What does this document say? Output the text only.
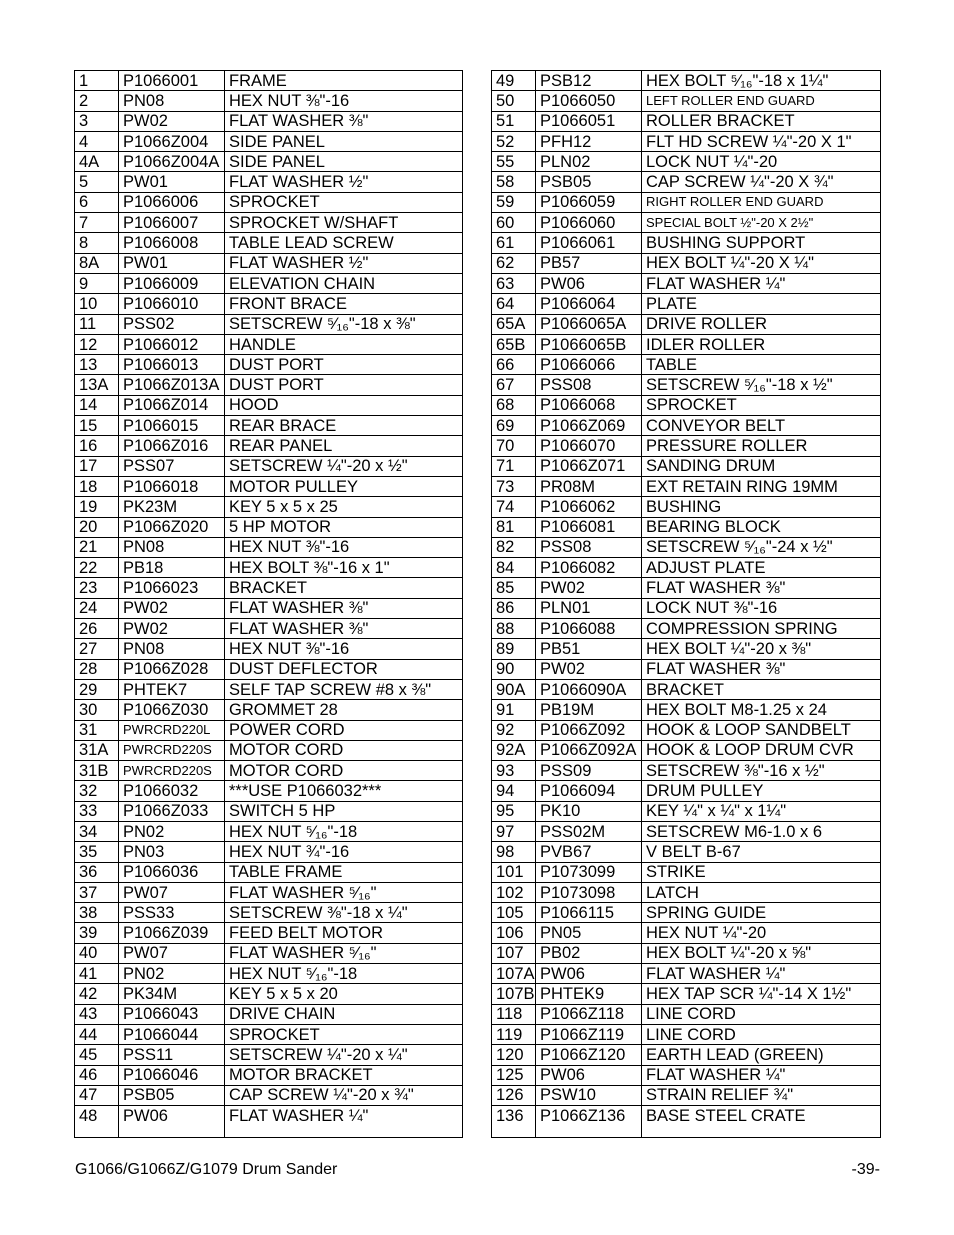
1	P1066001	FRAME
2	PN08	HEX NUT ⅜"-16
3	PW02	FLAT WASHER ⅜"
4	P1066Z004	SIDE PANEL
4A	P1066Z004A	SIDE PANEL
5	PW01	FLAT WASHER ½"
6	P1066006	SPROCKET
7	P1066007	SPROCKET W/SHAFT
8	P1066008	TABLE LEAD SCREW
8A	PW01	FLAT WASHER ½"
9	P1066009	ELEVATION CHAIN
10	P1066010	FRONT BRACE
11	PSS02	SETSCREW ⁵⁄₁₆"-18 x ⅜"
12	P1066012	HANDLE
13	P1066013	DUST PORT
13A	P1066Z013A	DUST PORT
14	P1066Z014	HOOD
15	P1066015	REAR BRACE
16	P1066Z016	REAR PANEL
17	PSS07	SETSCREW ¼"-20 x ½"
18	P1066018	MOTOR PULLEY
19	PK23M	KEY 5 x 5 x 25
20	P1066Z020	5 HP MOTOR
21	PN08	HEX NUT ⅜"-16
22	PB18	HEX BOLT ⅜"-16 x 1"
23	P1066023	BRACKET
24	PW02	FLAT WASHER ⅜"
26	PW02	FLAT WASHER ⅜"
27	PN08	HEX NUT ⅜"-16
28	P1066Z028	DUST DEFLECTOR
29	PHTEK7	SELF TAP SCREW #8 x ⅜"
30	P1066Z030	GROMMET 28
31	PWRCRD220L	POWER CORD
31A	PWRCRD220S	MOTOR CORD
31B	PWRCRD220S	MOTOR CORD
32	P1066032	***USE P1066032***
33	P1066Z033	SWITCH 5 HP
34	PN02	HEX NUT ⁵⁄₁₆"-18
35	PN03	HEX NUT ¾"-16
36	P1066036	TABLE FRAME
37	PW07	FLAT WASHER ⁵⁄₁₆"
38	PSS33	SETSCREW ⅜"-18 x ¼"
39	P1066Z039	FEED BELT MOTOR
40	PW07	FLAT WASHER ⁵⁄₁₆"
41	PN02	HEX NUT ⁵⁄₁₆"-18
42	PK34M	KEY 5 x 5 x 20
43	P1066043	DRIVE CHAIN
44	P1066044	SPROCKET
45	PSS11	SETSCREW ¼"-20 x ¼"
46	P1066046	MOTOR BRACKET
47	PSB05	CAP SCREW ¼"-20 x ¾"
48	PW06	FLAT WASHER ¼"
49	PSB12	HEX BOLT ⁵⁄₁₆"-18 x 1¼"
50	P1066050	LEFT ROLLER END GUARD
51	P1066051	ROLLER BRACKET
52	PFH12	FLT HD SCREW ¼"-20 X 1"
55	PLN02	LOCK NUT ¼"-20
58	PSB05	CAP SCREW ¼"-20 X ¾"
59	P1066059	RIGHT ROLLER END GUARD
60	P1066060	SPECIAL BOLT ½"-20 X 2½"
61	P1066061	BUSHING SUPPORT
62	PB57	HEX BOLT ¼"-20 X ¼"
63	PW06	FLAT WASHER ¼"
64	P1066064	PLATE
65A	P1066065A	DRIVE ROLLER
65B	P1066065B	IDLER ROLLER
66	P1066066	TABLE
67	PSS08	SETSCREW ⁵⁄₁₆"-18 x ½"
68	P1066068	SPROCKET
69	P1066Z069	CONVEYOR BELT
70	P1066070	PRESSURE ROLLER
71	P1066Z071	SANDING DRUM
73	PR08M	EXT RETAIN RING 19MM
74	P1066062	BUSHING
81	P1066081	BEARING BLOCK
82	PSS08	SETSCREW ⁵⁄₁₆"-24 x ½"
84	P1066082	ADJUST PLATE
85	PW02	FLAT WASHER ⅜"
86	PLN01	LOCK NUT ⅜"-16
88	P1066088	COMPRESSION SPRING
89	PB51	HEX BOLT ¼"-20 x ⅜"
90	PW02	FLAT WASHER ⅜"
90A	P1066090A	BRACKET
91	PB19M	HEX BOLT M8-1.25 x 24
92	P1066Z092	HOOK & LOOP SANDBELT
92A	P1066Z092A	HOOK & LOOP DRUM CVR
93	PSS09	SETSCREW ⅜"-16 x ½"
94	P1066094	DRUM PULLEY
95	PK10	KEY ¼" x ¼" x 1¼"
97	PSS02M	SETSCREW M6-1.0 x 6
98	PVB67	V BELT B-67
101	P1073099	STRIKE
102	P1073098	LATCH
105	P1066115	SPRING GUIDE
106	PN05	HEX NUT ¼"-20
107	PB02	HEX BOLT ¼"-20 x ⅝"
107A	PW06	FLAT WASHER ¼"
107B	PHTEK9	HEX TAP SCR ¼"-14 X 1½"
118	P1066Z118	LINE CORD
119	P1066Z119	LINE CORD
120	P1066Z120	EARTH LEAD (GREEN)
125	PW06	FLAT WASHER ¼"
126	PSW10	STRAIN RELIEF ¾"
136	P1066Z136	BASE STEEL CRATE
G1066/G1066Z/G1079 Drum Sander	-39-
